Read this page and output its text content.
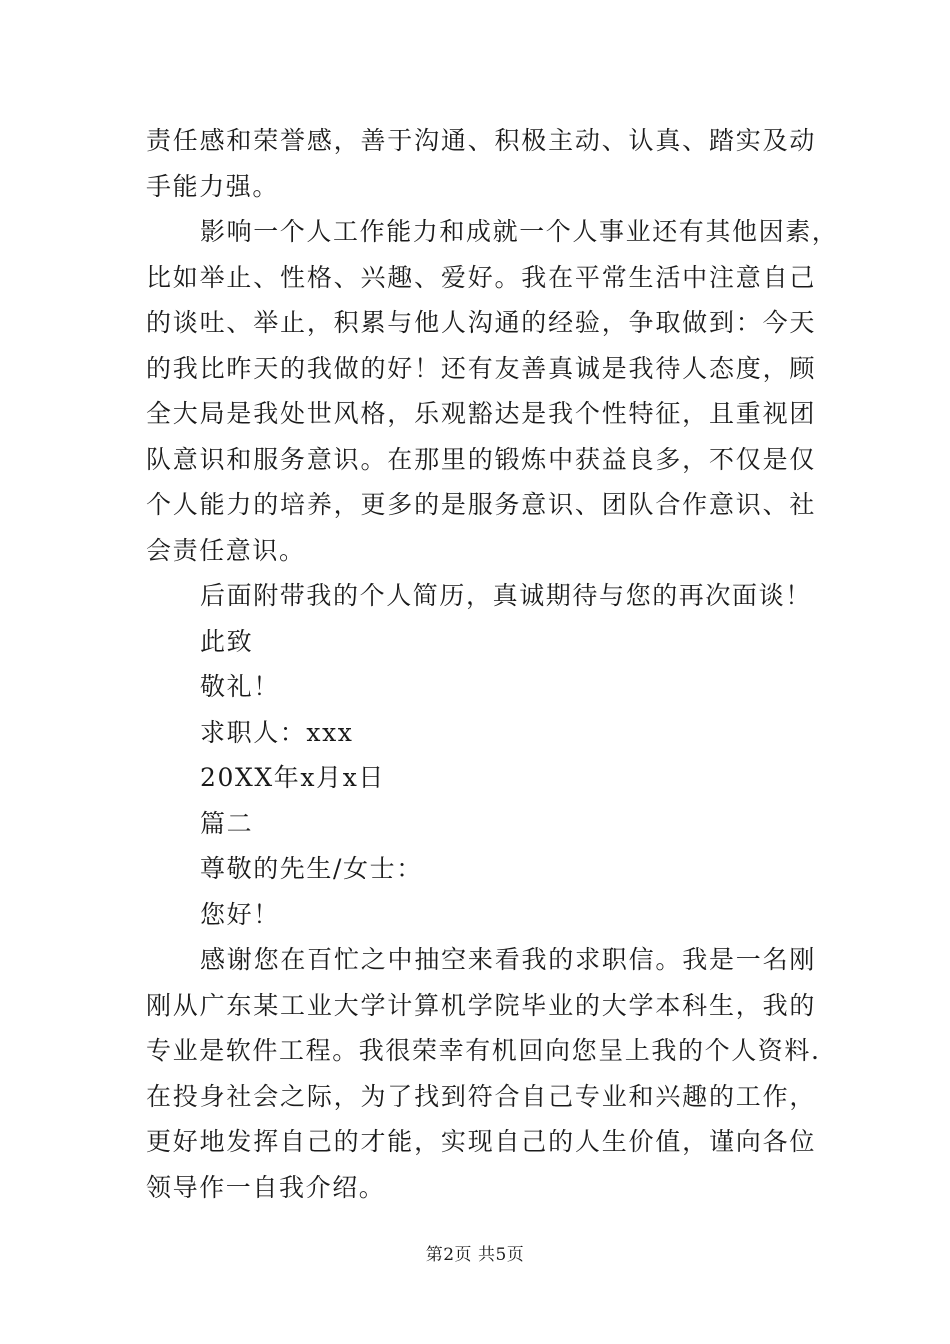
责任感和荣誉感，善于沟通、积极主动、认真、踏实及动
手能力强。
影响一个人工作能力和成就一个人事业还有其他因素，
比如举止、性格、兴趣、爱好。我在平常生活中注意自己
的谈吐、举止，积累与他人沟通的经验，争取做到：今天
的我比昨天的我做的好！还有友善真诚是我待人态度，顾
全大局是我处世风格，乐观豁达是我个性特征，且重视团
队意识和服务意识。在那里的锻炼中获益良多，不仅是仅
个人能力的培养，更多的是服务意识、团队合作意识、社
会责任意识。
后面附带我的个人简历，真诚期待与您的再次面谈！
此致
敬礼！
求职人：xxx
20XX年x月x日
篇二
尊敬的先生/女士：
您好！
感谢您在百忙之中抽空来看我的求职信。我是一名刚
刚从广东某工业大学计算机学院毕业的大学本科生，我的
专业是软件工程。我很荣幸有机回向您呈上我的个人资料.
在投身社会之际，为了找到符合自己专业和兴趣的工作，
更好地发挥自己的才能，实现自己的人生价值，谨向各位
领导作一自我介绍。
第2页 共5页
